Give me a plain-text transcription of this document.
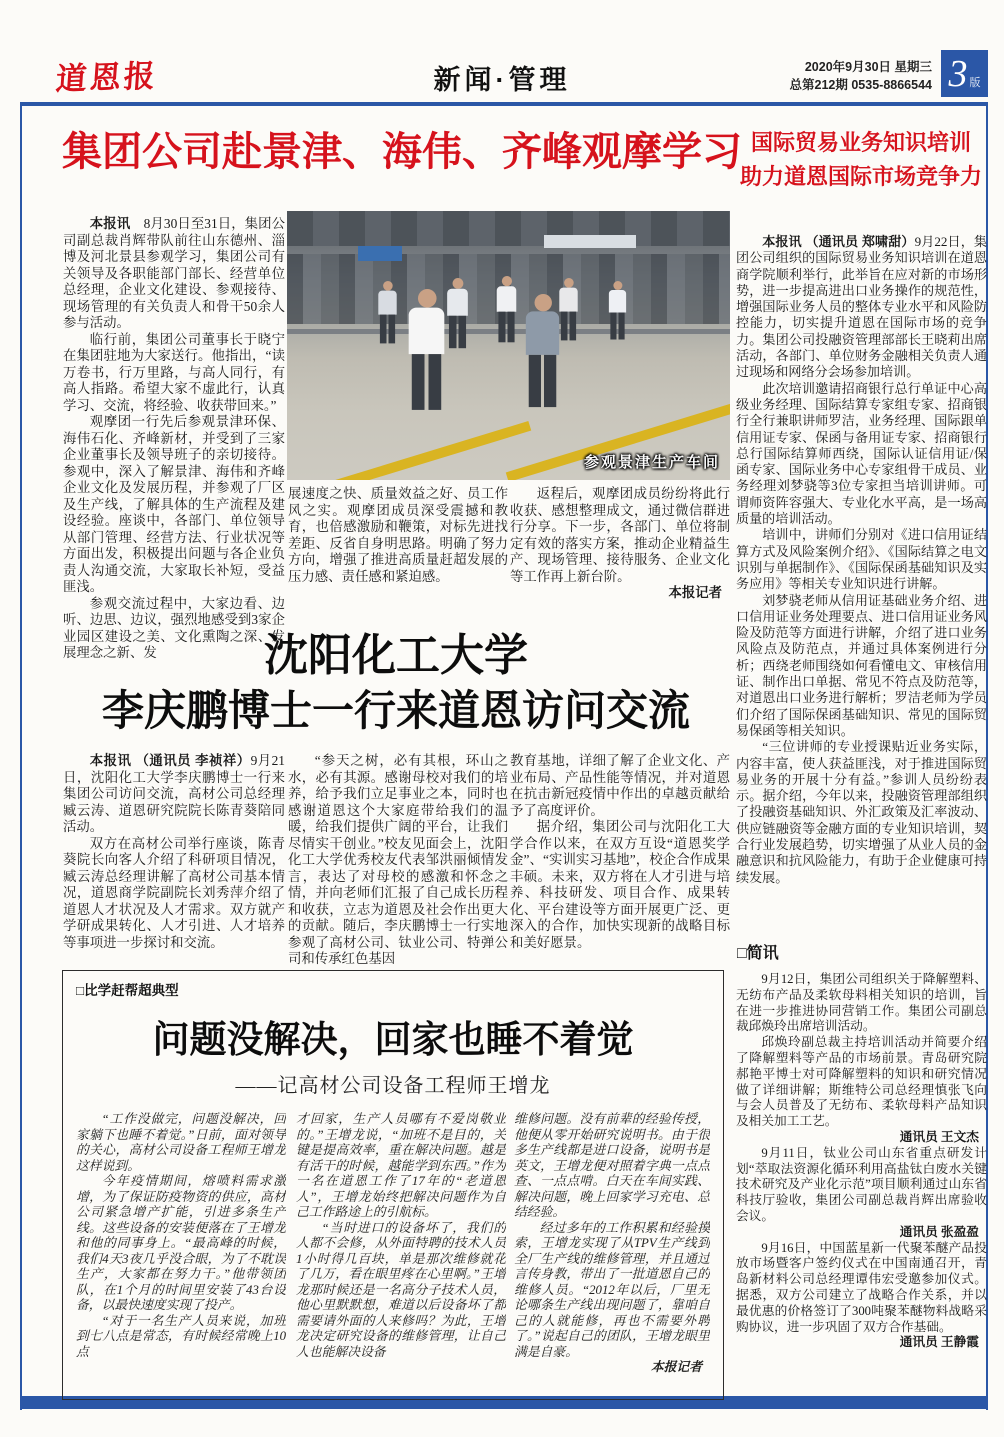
道恩报	新闻·管理	2020年9月30日 星期三
总第212期 0535-8866544 3 版
集团公司赴景津、海伟、齐峰观摩学习
参观景津生产车间

本报讯　8月30日至31日，集团公司副总裁肖辉带队前往山东德州、淄博及河北景县参观学习，集团公司有关领导及各职能部门部长、经营单位总经理，企业文化建设、参观接待、现场管理的有关负责人和骨干50余人参与活动。

临行前，集团公司董事长于晓宁在集团驻地为大家送行。他指出，“读万卷书，行万里路，与高人同行，有高人指路。希望大家不虚此行，认真学习、交流，将经验、收获带回来。”

观摩团一行先后参观景津环保、海伟石化、齐峰新材，并受到了三家企业董事长及领导班子的亲切接待。参观中，深入了解景津、海伟和齐峰企业文化及发展历程，并参观了厂区及生产线，了解具体的生产流程及建设经验。座谈中，各部门、单位领导从部门管理、经营方法、行业状况等方面出发，积极提出问题与各企业负责人沟通交流，大家取长补短，受益匪浅。

参观交流过程中，大家边看、边听、边思、边议，强烈地感受到3家企业园区建设之美、文化熏陶之深、发展理念之新、发

展速度之快、质量效益之好、员工作风之实。观摩团成员深受震撼和教育，也倍感激励和鞭策，对标先进找差距、反省自身明思路。明确了努力方向，增强了推进高质量赶超发展的压力感、责任感和紧迫感。

返程后，观摩团成员纷纷将此行收获、感想整理成文，通过微信群进行分享。下一步，各部门、单位将制定有效的落实方案，推动企业精益生产、现场管理、接待服务、企业文化等工作再上新台阶。

本报记者

国际贸易业务知识培训
助力道恩国际市场竞争力

本报讯 （通讯员 郑啸甜）9月22日，集团公司组织的国际贸易业务知识培训在道恩商学院顺利举行，此举旨在应对新的市场形势，进一步提高进出口业务操作的规范性，增强国际业务人员的整体专业水平和风险防控能力，切实提升道恩在国际市场的竞争力。集团公司投融资管理部部长王晓莉出席活动，各部门、单位财务金融相关负责人通过现场和网络分会场参加培训。

此次培训邀请招商银行总行单证中心高级业务经理、国际结算专家组专家、招商银行全行兼职讲师罗洁，业务经理、国际跟单信用证专家、保函与备用证专家、招商银行总行国际结算师西绕，国际认证信用证/保函专家、国际业务中心专家组骨干成员、业务经理刘梦骁等3位专家担当培训讲师。可谓师资阵容强大、专业化水平高，是一场高质量的培训活动。

培训中，讲师们分别对《进口信用证结算方式及风险案例介绍》、《国际结算之电文识别与单据制作》、《国际保函基础知识及实务应用》等相关专业知识进行讲解。

刘梦骁老师从信用证基础业务介绍、进口信用证业务处理要点、进口信用证业务风险及防范等方面进行讲解，介绍了进口业务风险点及防范点，并通过具体案例进行分析；西绕老师围绕如何看懂电文、审核信用证、制作出口单据、常见不符点及防范等，对道恩出口业务进行解析；罗洁老师为学员们介绍了国际保函基础知识、常见的国际贸易保函等相关知识。

“三位讲师的专业授课贴近业务实际，内容丰富，使人获益匪浅，对于推进国际贸易业务的开展十分有益。”参训人员纷纷表示。据介绍，今年以来，投融资管理部组织了投融资基础知识、外汇政策及汇率波动、供应链融资等金融方面的专业知识培训，契合行业发展趋势，切实增强了从业人员的金融意识和抗风险能力，有助于企业健康可持续发展。

□简讯

9月12日，集团公司组织关于降解塑料、无纺布产品及柔软母料相关知识的培训，旨在进一步推进协同营销工作。集团公司副总裁邱焕玲出席培训活动。

邱焕玲副总裁主持培训活动并简要介绍了降解塑料等产品的市场前景。青岛研究院郝艳平博士对可降解塑料的知识和研究情况做了详细讲解；斯维特公司总经理慎张飞向与会人员普及了无纺布、柔软母料产品知识及相关加工工艺。

通讯员 王文杰

9月11日，钛业公司山东省重点研发计划“萃取法资源化循环利用高盐钛白废水关键技术研究及产业化示范”项目顺利通过山东省科技厅验收，集团公司副总裁肖辉出席验收会议。

通讯员 张盈盈

9月16日，中国蓝星新一代聚苯醚产品投放市场暨客户签约仪式在中国南通召开，青岛新材料公司总经理谭伟宏受邀参加仪式。据悉，双方公司建立了战略合作关系，并以最优惠的价格签订了300吨聚苯醚物料战略采购协议，进一步巩固了双方合作基础。

通讯员 王静霞

沈阳化工大学
李庆鹏博士一行来道恩访问交流

本报讯 （通讯员 李祯祥）9月21日，沈阳化工大学李庆鹏博士一行来集团公司访问交流，高材公司总经理臧云涛、道恩研究院院长陈青葵陪同活动。

双方在高材公司举行座谈，陈青葵院长向客人介绍了科研项目情况，臧云涛总经理讲解了高材公司基本情况，道恩商学院副院长刘秀萍介绍了道恩人才状况及人才需求。双方就产学研成果转化、人才引进、人才培养等事项进一步探讨和交流。

“参天之树，必有其根，环山之水，必有其源。感谢母校对我们的培养，给予我们立足事业之本，同时也感谢道恩这个大家庭带给我们的温暖，给我们提供广阔的平台，让我们尽情实干创业。”校友见面会上，沈阳化工大学优秀校友代表邹洪丽倾情发言，表达了对母校的感激和怀念之情，并向老师们汇报了自己成长历程和收获，立志为道恩及社会作出更大的贡献。随后，李庆鹏博士一行实地参观了高材公司、钛业公司、特弹公司和传承红色基因

教育基地，详细了解了企业文化、产业布局、产品性能等情况，并对道恩在抗击新冠疫情中作出的卓越贡献给予了高度评价。

据介绍，集团公司与沈阳化工大学合作以来，在双方互设“道恩奖学金”、“实训实习基地”，校企合作成果丰硕。未来，双方将在人才引进与培养、科技研发、项目合作、成果转化、平台建设等方面开展更广泛、更深入的合作，加快实现新的战略目标和美好愿景。

□比学赶帮超典型
问题没解决，回家也睡不着觉
——记高材公司设备工程师王增龙

“工作没做完，问题没解决，回家躺下也睡不着觉。”日前，面对领导的关心，高材公司设备工程师王增龙这样说到。

今年疫情期间，熔喷料需求激增，为了保证防疫物资的供应，高材公司紧急增产扩能，引进多条生产线。这些设备的安装便落在了王增龙和他的同事身上。“最高峰的时候，我们4天3夜几乎没合眼，为了不耽误生产，大家都在努力干。”他带领团队，在1个月的时间里安装了43台设备，以最快速度实现了投产。

“对于一名生产人员来说，加班到七八点是常态，有时候经常晚上10点

才回家，生产人员哪有不爱岗敬业的。”王增龙说，“加班不是目的，关键是提高效率，重在解决问题。越是有活干的时候，越能学到东西。”作为一名在道恩工作了17年的“老道恩人”，王增龙始终把解决问题作为自己工作路途上的引航标。

“当时进口的设备坏了，我们的人都不会修，从外面特聘的技术人员1小时得几百块，单是那次维修就花了几万，看在眼里疼在心里啊。”王增龙那时候还是一名高分子技术人员，他心里默默想，难道以后设备坏了都需要请外面的人来修吗？为此，王增龙决定研究设备的维修管理，让自己人也能解决设备

维修问题。没有前辈的经验传授，他便从零开始研究说明书。由于很多生产线都是进口设备，说明书是英文，王增龙便对照着字典一点点查、一点点啃。白天在车间实践、解决问题，晚上回家学习充电、总结经验。

经过多年的工作积累和经验摸索，王增龙实现了从TPV生产线到全厂生产线的维修管理，并且通过言传身教，带出了一批道恩自己的维修人员。“2012年以后，厂里无论哪条生产线出现问题了，靠咱自己的人就能修，再也不需要外聘了。”说起自己的团队，王增龙眼里满是自豪。

本报记者
